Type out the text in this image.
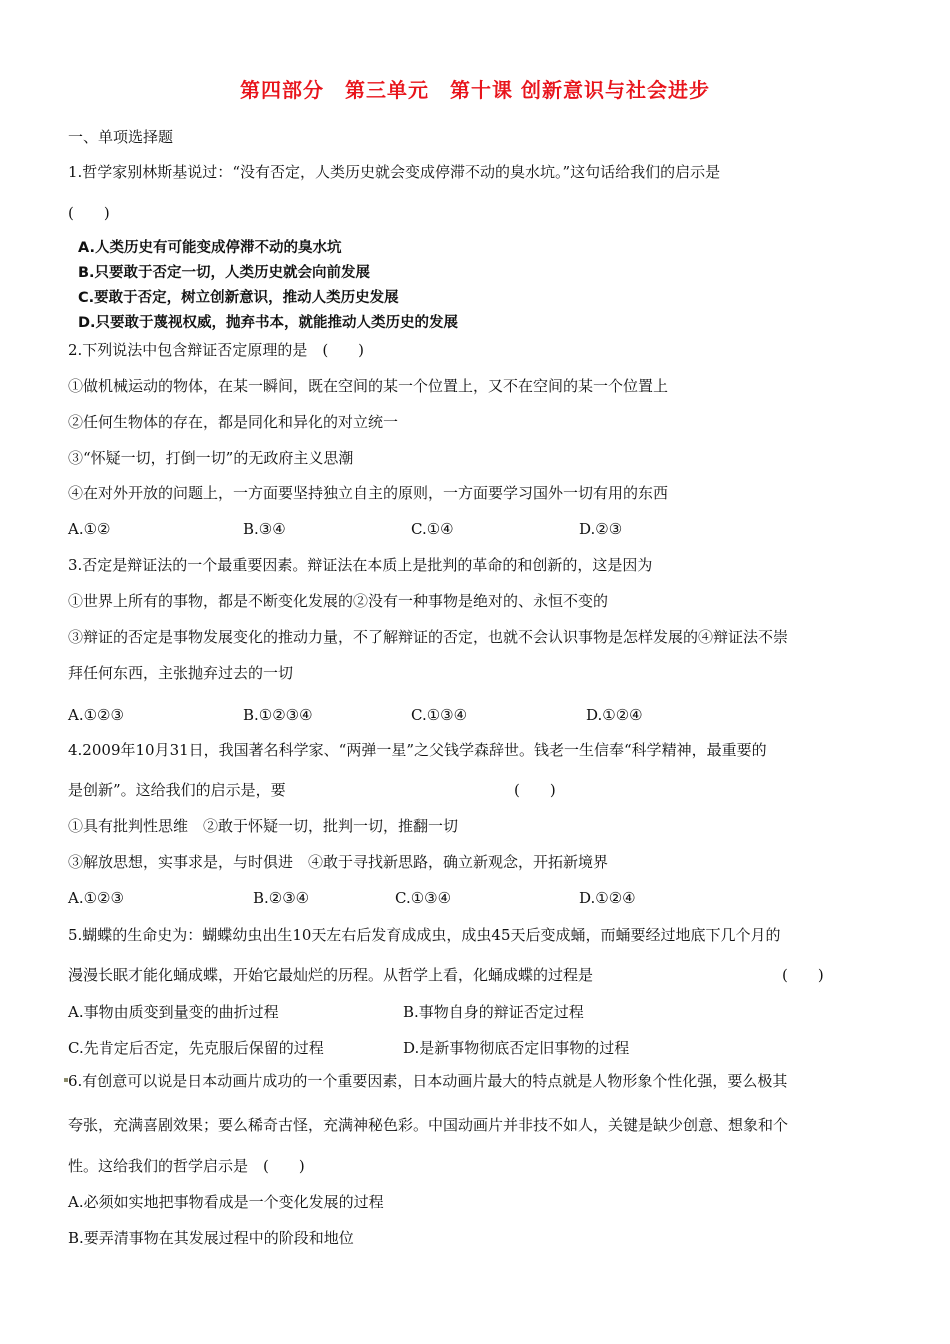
第四部分　第三单元　第十课 创新意识与社会进步
一、单项选择题
1.哲学家别林斯基说过：“没有否定，人类历史就会变成停滞不动的臭水坑。”这句话给我们的启示是
(　　)
A.人类历史有可能变成停滞不动的臭水坑
B.只要敢于否定一切，人类历史就会向前发展
C.要敢于否定，树立创新意识，推动人类历史发展
D.只要敢于蔑视权威，抛弃书本，就能推动人类历史的发展
2.下列说法中包含辩证否定原理的是　(　　)
①做机械运动的物体，在某一瞬间，既在空间的某一个位置上，又不在空间的某一个位置上
②任何生物体的存在，都是同化和异化的对立统一
③“怀疑一切，打倒一切”的无政府主义思潮
④在对外开放的问题上，一方面要坚持独立自主的原则，一方面要学习国外一切有用的东西
A.①②	B.③④	C.①④	D.②③
3.否定是辩证法的一个最重要因素。辩证法在本质上是批判的革命的和创新的，这是因为
①世界上所有的事物，都是不断变化发展的②没有一种事物是绝对的、永恒不变的
③辩证的否定是事物发展变化的推动力量，不了解辩证的否定，也就不会认识事物是怎样发展的④辩证法不崇
拜任何东西，主张抛弃过去的一切
A.①②③	B.①②③④	C.①③④	D.①②④
4.2009年10月31日，我国著名科学家、“两弹一星”之父钱学森辞世。钱老一生信奉“科学精神，最重要的
是创新”。这给我们的启示是，要	(　　)
①具有批判性思维　②敢于怀疑一切，批判一切，推翻一切
③解放思想，实事求是，与时俱进　④敢于寻找新思路，确立新观念，开拓新境界
A.①②③	B.②③④	C.①③④	D.①②④
5.蝴蝶的生命史为：蝴蝶幼虫出生10天左右后发育成成虫，成虫45天后变成蛹，而蛹要经过地底下几个月的
漫漫长眠才能化蛹成蝶，开始它最灿烂的历程。从哲学上看，化蛹成蝶的过程是	(　　)
A.事物由质变到量变的曲折过程	B.事物自身的辩证否定过程
C.先肯定后否定，先克服后保留的过程	D.是新事物彻底否定旧事物的过程
6.有创意可以说是日本动画片成功的一个重要因素，日本动画片最大的特点就是人物形象个性化强，要么极其
夸张，充满喜剧效果；要么稀奇古怪，充满神秘色彩。中国动画片并非技不如人，关键是缺少创意、想象和个
性。这给我们的哲学启示是　(　　)
A.必须如实地把事物看成是一个变化发展的过程
B.要弄清事物在其发展过程中的阶段和地位
